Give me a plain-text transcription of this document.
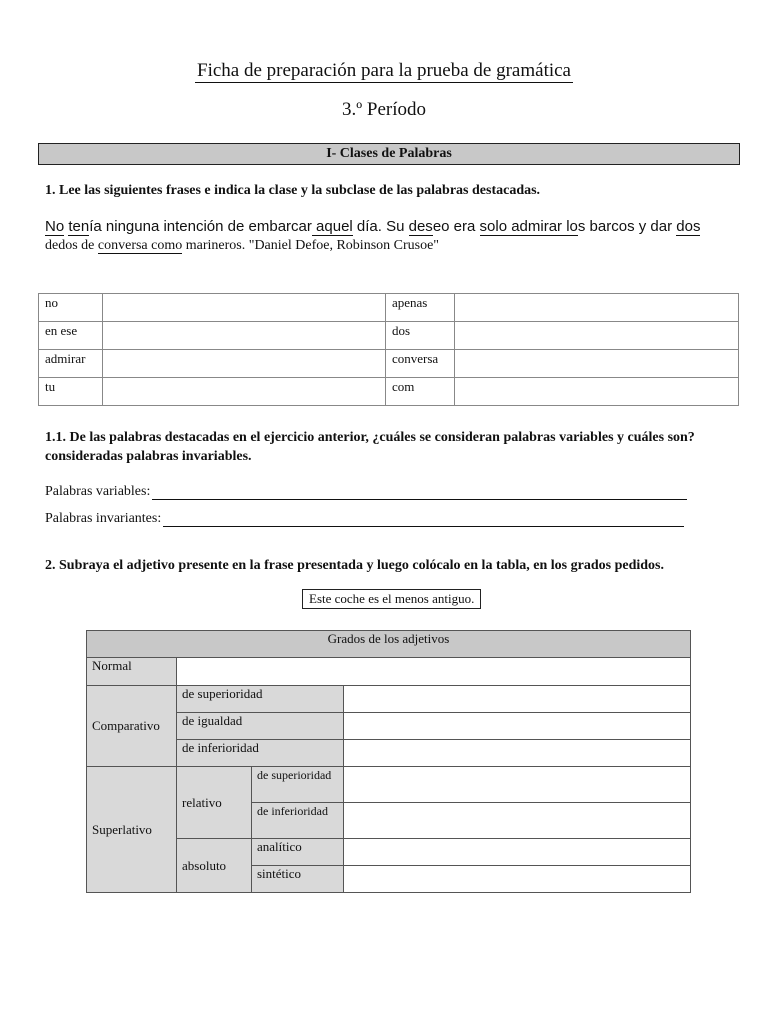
Ficha de preparación para la prueba de gramática
3.º Período
I- Clases de Palabras
1. Lee las siguientes frases e indica la clase y la subclase de las palabras destacadas.
No tenía ninguna intención de embarcar aquel día. Su deseo era solo admirar los barcos y dar dos
dedos de conversa como marineros. "Daniel Defoe, Robinson Crusoe"
no		apenas	
en ese		dos	
admirar		conversa	
tu		com	
1.1. De las palabras destacadas en el ejercicio anterior, ¿cuáles se consideran palabras variables y cuáles son?
consideradas palabras invariables.
Palabras variables:
Palabras invariantes:
2. Subraya el adjetivo presente en la frase presentada y luego colócalo en la tabla, en los grados pedidos.
Este coche es el menos antiguo.
Grados de los adjetivos			
Normal			
Comparativo	de superioridad		
	de igualdad		
	de inferioridad		
Superlativo	relativo	de superioridad	
		de inferioridad	
	absoluto	analítico	
		sintético	
